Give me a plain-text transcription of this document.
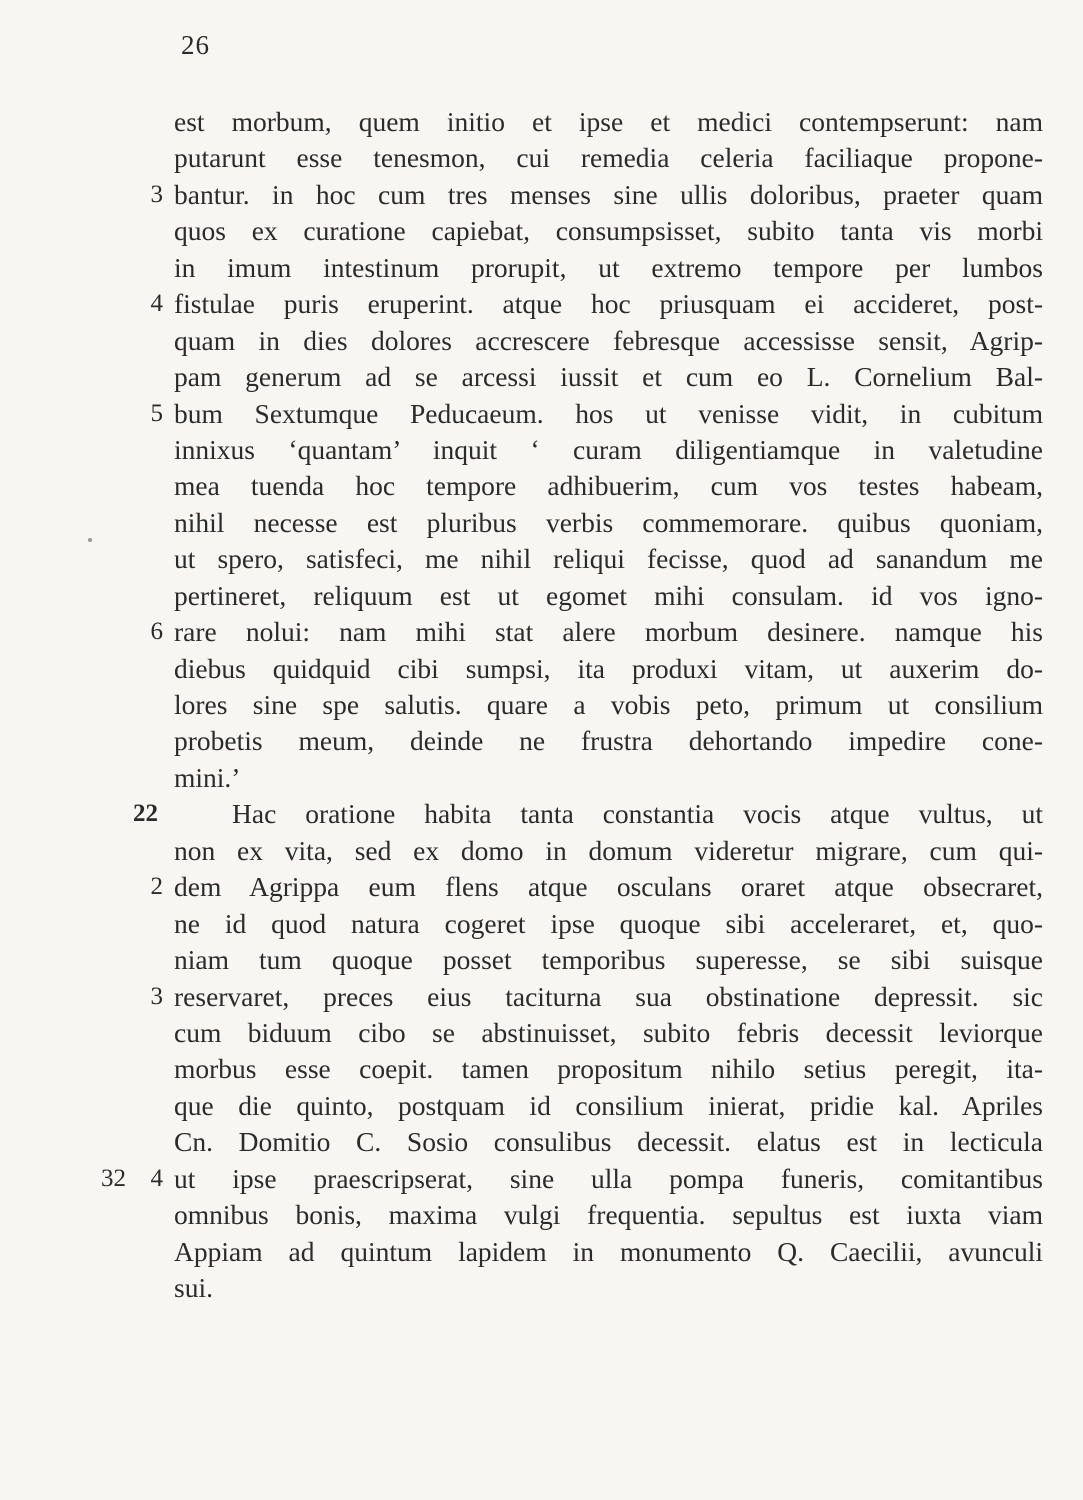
26
est morbum, quem initio et ipse et medici contempserunt: nam
putarunt esse tenesmon, cui remedia celeria faciliaque propone-
3 bantur. in hoc cum tres menses sine ullis doloribus, praeter quam
quos ex curatione capiebat, consumpsisset, subito tanta vis morbi
in imum intestinum prorupit, ut extremo tempore per lumbos
4 fistulae puris eruperint. atque hoc priusquam ei accideret, post-
quam in dies dolores accrescere febresque accessisse sensit, Agrip-
pam generum ad se arcessi iussit et cum eo L. Cornelium Bal-
5 bum Sextumque Peducaeum. hos ut venisse vidit, in cubitum
innixus ‘quantam’ inquit ‘ curam diligentiamque in valetudine
mea tuenda hoc tempore adhibuerim, cum vos testes habeam,
nihil necesse est pluribus verbis commemorare. quibus quoniam,
ut spero, satisfeci, me nihil reliqui fecisse, quod ad sanandum me
pertineret, reliquum est ut egomet mihi consulam. id vos igno-
6 rare nolui: nam mihi stat alere morbum desinere. namque his
diebus quidquid cibi sumpsi, ita produxi vitam, ut auxerim do-
lores sine spe salutis. quare a vobis peto, primum ut consilium
probetis meum, deinde ne frustra dehortando impedire cone-
mini.’
22	Hac oratione habita tanta constantia vocis atque vultus, ut
non ex vita, sed ex domo in domum videretur migrare, cum qui-
2 dem Agrippa eum flens atque osculans oraret atque obsecraret,
ne id quod natura cogeret ipse quoque sibi acceleraret, et, quo-
niam tum quoque posset temporibus superesse, se sibi suisque
3 reservaret, preces eius taciturna sua obstinatione depressit. sic
cum biduum cibo se abstinuisset, subito febris decessit leviorque
morbus esse coepit. tamen propositum nihilo setius peregit, ita-
que die quinto, postquam id consilium inierat, pridie kal. Apriles
Cn. Domitio C. Sosio consulibus decessit. elatus est in lecticula
32 4 ut ipse praescripserat, sine ulla pompa funeris, comitantibus
omnibus bonis, maxima vulgi frequentia. sepultus est iuxta viam
Appiam ad quintum lapidem in monumento Q. Caecilii, avunculi
sui.
